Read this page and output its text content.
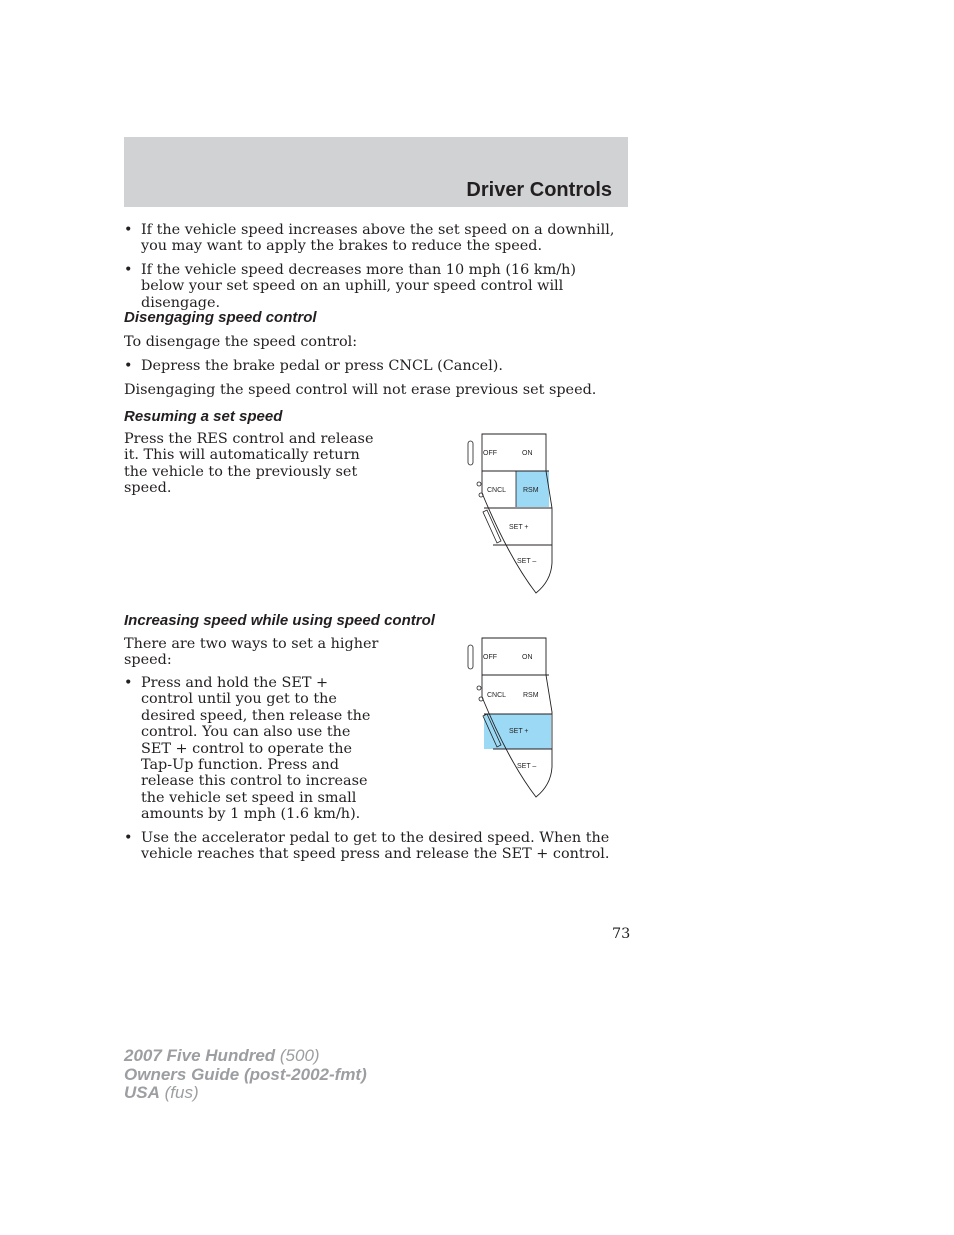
Driver Controls
• If the vehicle speed increases above the set speed on a downhill, you may want to apply the brakes to reduce the speed.
• If the vehicle speed decreases more than 10 mph (16 km/h) below your set speed on an uphill, your speed control will disengage.
Disengaging speed control
To disengage the speed control:
• Depress the brake pedal or press CNCL (Cancel).
Disengaging the speed control will not erase previous set speed.
Resuming a set speed
Press the RES control and release it. This will automatically return the vehicle to the previously set speed.
OFF	ON
CNCL RSM
SET +
SET –
Increasing speed while using speed control
There are two ways to set a higher speed:
• Press and hold the SET + control until you get to the desired speed, then release the control. You can also use the SET + control to operate the Tap-Up function. Press and release this control to increase the vehicle set speed in small amounts by 1 mph (1.6 km/h).
OFF	ON
CNCL RSM
SET +
SET –
• Use the accelerator pedal to get to the desired speed. When the vehicle reaches that speed press and release the SET + control.
73
2007 Five Hundred (500)
Owners Guide (post-2002-fmt)
USA (fus)
